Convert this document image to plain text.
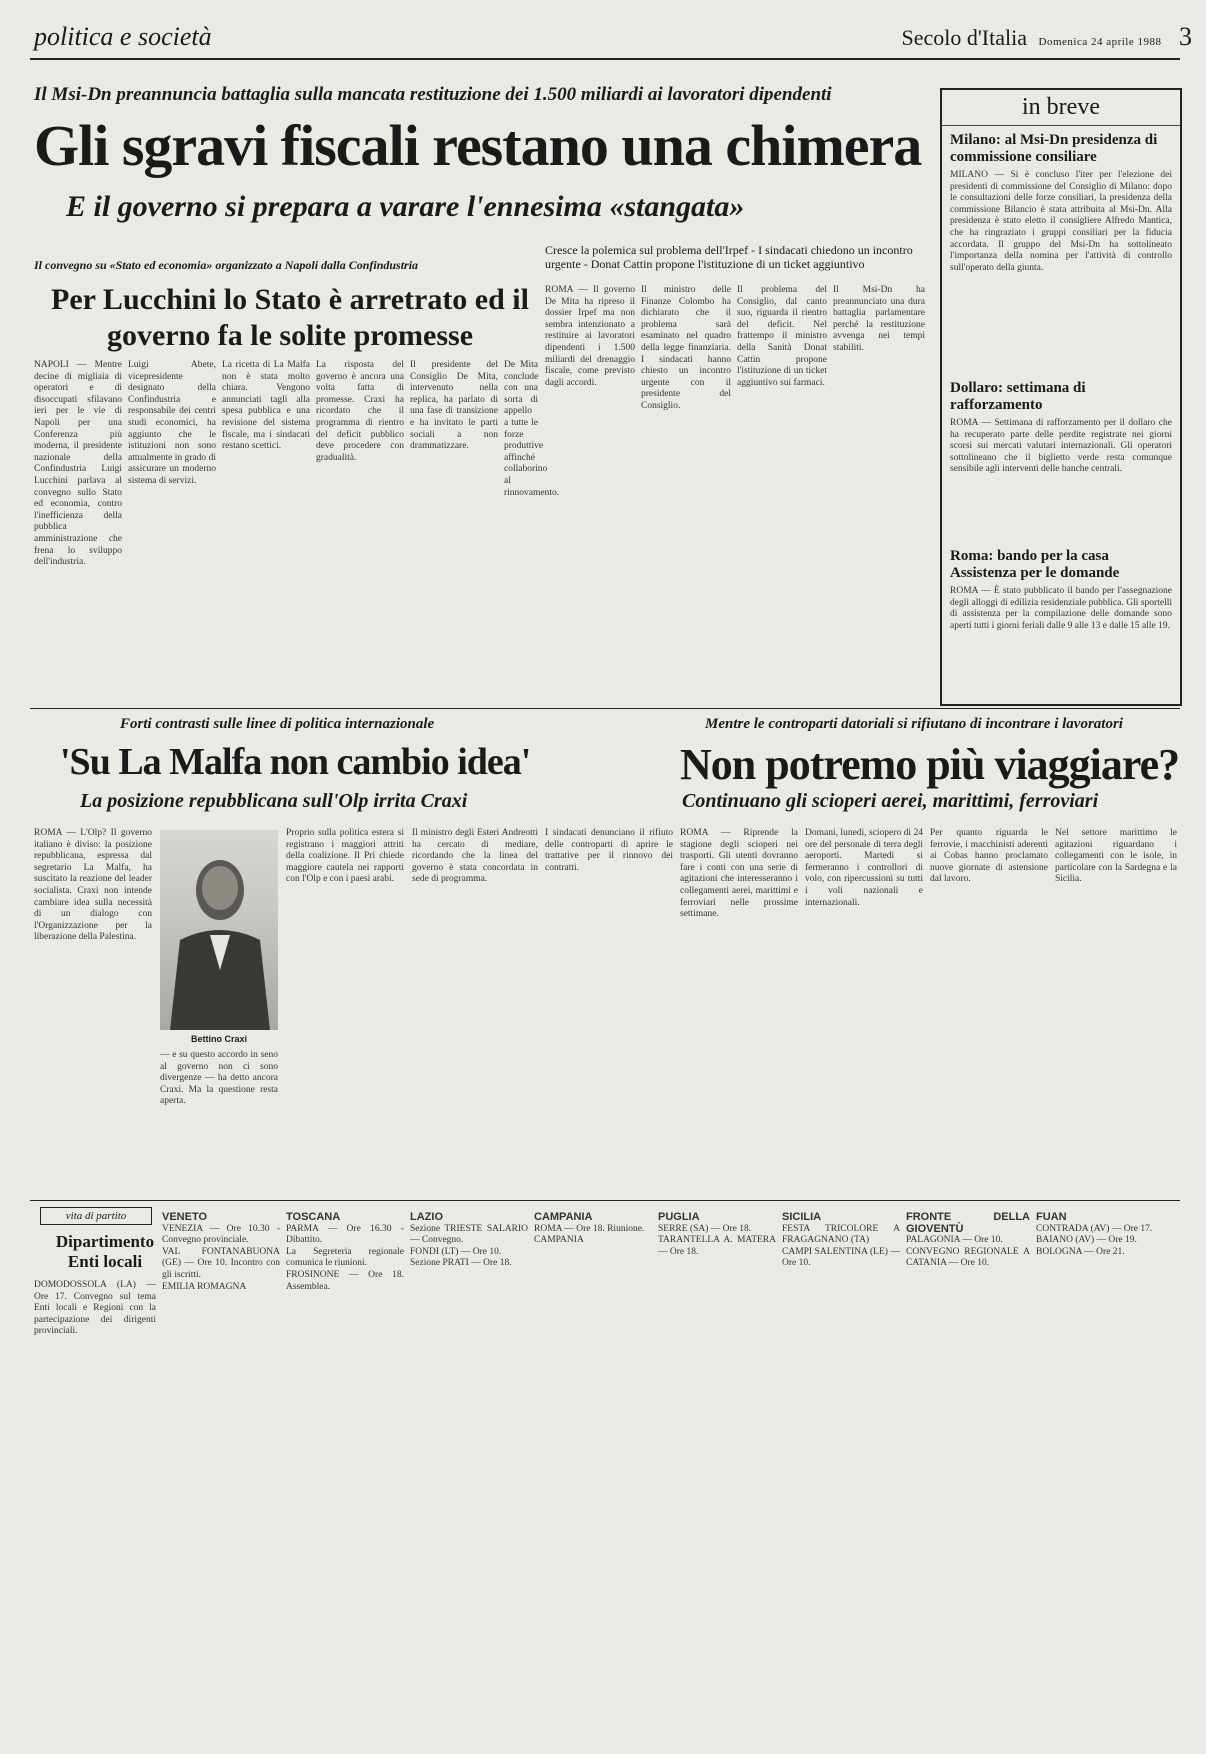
politica e società	Secolo d'Italia Domenica 24 aprile 1988 3
Il Msi-Dn preannuncia battaglia sulla mancata restituzione dei 1.500 miliardi ai lavoratori dipendenti
Gli sgravi fiscali restano una chimera
E il governo si prepara a varare l'ennesima «stangata»
Cresce la polemica sul problema dell'Irpef - I sindacati chiedono un incontro urgente - Donat Cattin propone l'istituzione di un ticket aggiuntivo
Il convegno su «Stato ed economia» organizzato a Napoli dalla Confindustria
Per Lucchini lo Stato è arretrato ed il governo fa le solite promesse
NAPOLI — Mentre decine di migliaia di operatori e di disoccupati sfilavano ieri per le vie di Napoli per una Conferenza più moderna, il presidente nazionale della Confindustria Luigi Lucchini parlava al convegno sullo Stato ed economia, contro l'inefficienza della pubblica amministrazione che frena lo sviluppo dell'industria.
Luigi Abete, vicepresidente designato della Confindustria e responsabile dei centri studi economici, ha aggiunto che le istituzioni non sono attualmente in grado di assicurare un moderno sistema di servizi.
La ricetta di La Malfa non è stata molto chiara. Vengono annunciati tagli alla spesa pubblica e una revisione del sistema fiscale, ma i sindacati restano scettici.
La risposta del governo è ancora una volta fatta di promesse. Craxi ha ricordato che il programma di rientro del deficit pubblico deve procedere con gradualità.
Il presidente del Consiglio De Mita, intervenuto nella replica, ha parlato di una fase di transizione e ha invitato le parti sociali a non drammatizzare.
De Mita conclude con una sorta di appello a tutte le forze produttive affinché collaborino al rinnovamento.
ROMA — Il governo De Mita ha ripreso il dossier Irpef ma non sembra intenzionato a restituire ai lavoratori dipendenti i 1.500 miliardi del drenaggio fiscale, come previsto dagli accordi.
Il ministro delle Finanze Colombo ha dichiarato che il problema sarà esaminato nel quadro della legge finanziaria. I sindacati hanno chiesto un incontro urgente con il presidente del Consiglio.
Il problema del Consiglio, dal canto suo, riguarda il rientro del deficit. Nel frattempo il ministro della Sanità Donat Cattin propone l'istituzione di un ticket aggiuntivo sui farmaci.
Il Msi-Dn ha preannunciato una dura battaglia parlamentare perché la restituzione avvenga nei tempi stabiliti.
in breve
Milano: al Msi-Dn presidenza di commissione consiliare
MILANO — Si è concluso l'iter per l'elezione dei presidenti di commissione del Consiglio di Milano: dopo le consultazioni delle forze consiliari, la presidenza della commissione Bilancio è stata attribuita al Msi-Dn. Alla presidenza è stato eletto il consigliere Alfredo Mantica, che ha ringraziato i gruppi consiliari per la fiducia accordata. Il gruppo del Msi-Dn ha sottolineato l'importanza della nomina per l'attività di controllo sull'operato della giunta.
Dollaro: settimana di rafforzamento
ROMA — Settimana di rafforzamento per il dollaro che ha recuperato parte delle perdite registrate nei giorni scorsi sui mercati valutari internazionali. Gli operatori sottolineano che il biglietto verde resta comunque sensibile agli interventi delle banche centrali.
Roma: bando per la casa Assistenza per le domande
ROMA — È stato pubblicato il bando per l'assegnazione degli alloggi di edilizia residenziale pubblica. Gli sportelli di assistenza per la compilazione delle domande sono aperti tutti i giorni feriali dalle 9 alle 13 e dalle 15 alle 19.
Forti contrasti sulle linee di politica internazionale
'Su La Malfa non cambio idea'
La posizione repubblicana sull'Olp irrita Craxi
ROMA — L'Olp? Il governo italiano è diviso: la posizione repubblicana, espressa dal segretario La Malfa, ha suscitato la reazione del leader socialista. Craxi non intende cambiare idea sulla necessità di un dialogo con l'Organizzazione per la liberazione della Palestina.
Bettino Craxi
— e su questo accordo in seno al governo non ci sono divergenze — ha detto ancora Craxi. Ma la questione resta aperta.
Proprio sulla politica estera si registrano i maggiori attriti della coalizione. Il Pri chiede maggiore cautela nei rapporti con l'Olp e con i paesi arabi.
Il ministro degli Esteri Andreotti ha cercato di mediare, ricordando che la linea del governo è stata concordata in sede di programma.
Mentre le controparti datoriali si rifiutano di incontrare i lavoratori
Non potremo più viaggiare?
Continuano gli scioperi aerei, marittimi, ferroviari
ROMA — Riprende la stagione degli scioperi nei trasporti. Gli utenti dovranno fare i conti con una serie di agitazioni che interesseranno i collegamenti aerei, marittimi e ferroviari nelle prossime settimane.
Domani, lunedì, sciopero di 24 ore del personale di terra degli aeroporti. Martedì si fermeranno i controllori di volo, con ripercussioni su tutti i voli nazionali e internazionali.
Per quanto riguarda le ferrovie, i macchinisti aderenti ai Cobas hanno proclamato nuove giornate di astensione dal lavoro.
Nel settore marittimo le agitazioni riguardano i collegamenti con le isole, in particolare con la Sardegna e la Sicilia.
I sindacati denunciano il rifiuto delle controparti di aprire le trattative per il rinnovo dei contratti.
vita di partito
Dipartimento Enti locali
DOMODOSSOLA (LA) — Ore 17. Convegno sul tema Enti locali e Regioni con la partecipazione dei dirigenti provinciali.
VENETO
VENEZIA — Ore 10.30 - Convegno provinciale.
VAL FONTANABUONA (GE) — Ore 10. Incontro con gli iscritti.
EMILIA ROMAGNA
TOSCANA
PARMA — Ore 16.30 - Dibattito.
La Segreteria regionale comunica le riunioni.
FROSINONE — Ore 18. Assemblea.
LAZIO
Sezione TRIESTE SALARIO — Convegno.
FONDI (LT) — Ore 10.
Sezione PRATI — Ore 18.
CAMPANIA
ROMA — Ore 18. Riunione.
CAMPANIA
PUGLIA
SERRE (SA) — Ore 18.
TARANTELLA A. MATERA — Ore 18.
SICILIA
FESTA TRICOLORE A FRAGAGNANO (TA)
CAMPI SALENTINA (LE) — Ore 10.
FRONTE DELLA GIOVENTÙ
PALAGONIA — Ore 10.
CONVEGNO REGIONALE A CATANIA — Ore 10.
FUAN
CONTRADA (AV) — Ore 17.
BAIANO (AV) — Ore 19.
BOLOGNA — Ore 21.
